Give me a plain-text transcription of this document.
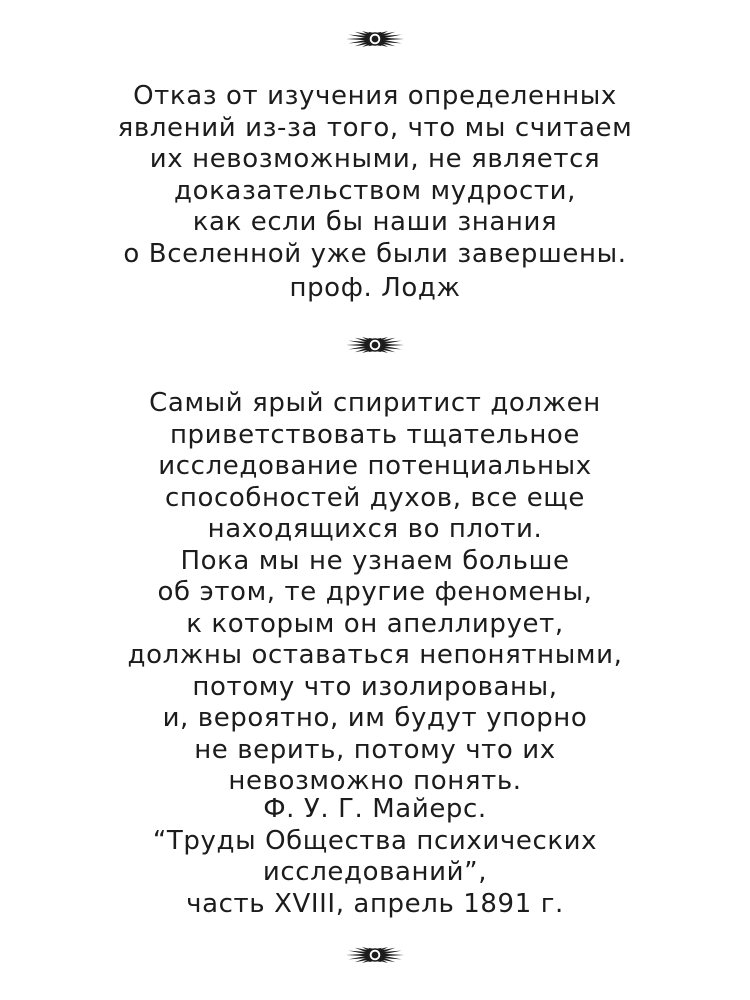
Отказ от изучения определенных
явлений из-за того, что мы считаем
их невозможными, не является
доказательством мудрости,
как если бы наши знания
о Вселенной уже были завершены.
проф. Лодж
Самый ярый спиритист должен
приветствовать тщательное
исследование потенциальных
способностей духов, все еще
находящихся во плоти.
Пока мы не узнаем больше
об этом, те другие феномены,
к которым он апеллирует,
должны оставаться непонятными,
потому что изолированы,
и, вероятно, им будут упорно
не верить, потому что их
невозможно понять.
Ф. У. Г. Майерс.
“Труды Общества психических
исследований”,
часть XVIII, апрель 1891 г.
